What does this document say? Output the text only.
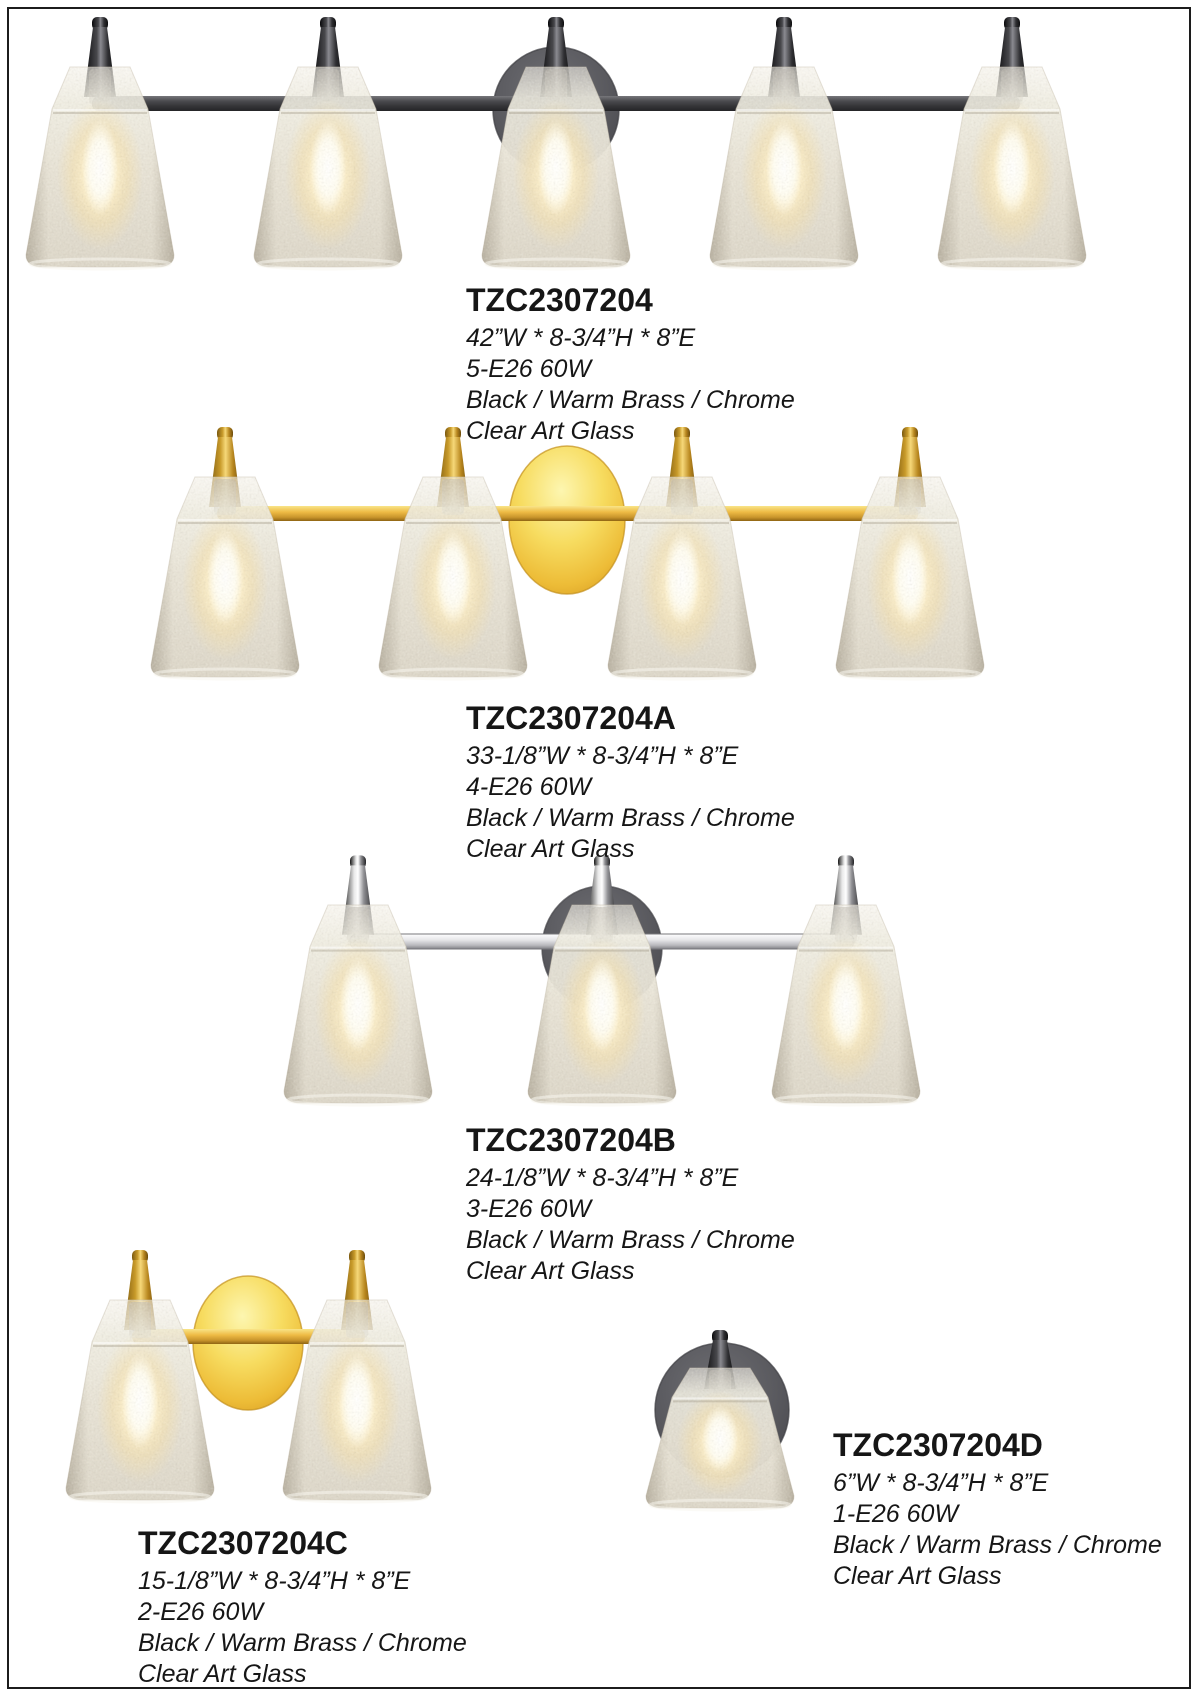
TZC2307204

42”W * 8-3/4”H * 8”E

5-E26 60W

Black / Warm Brass / Chrome

Clear Art Glass

TZC2307204A

33-1/8”W * 8-3/4”H * 8”E

4-E26 60W

Black / Warm Brass / Chrome

Clear Art Glass

TZC2307204B

24-1/8”W * 8-3/4”H * 8”E

3-E26 60W

Black / Warm Brass / Chrome

Clear Art Glass

TZC2307204C

15-1/8”W * 8-3/4”H * 8”E

2-E26 60W

Black / Warm Brass / Chrome

Clear Art Glass

TZC2307204D

6”W * 8-3/4”H * 8”E

1-E26 60W

Black / Warm Brass / Chrome

Clear Art Glass
